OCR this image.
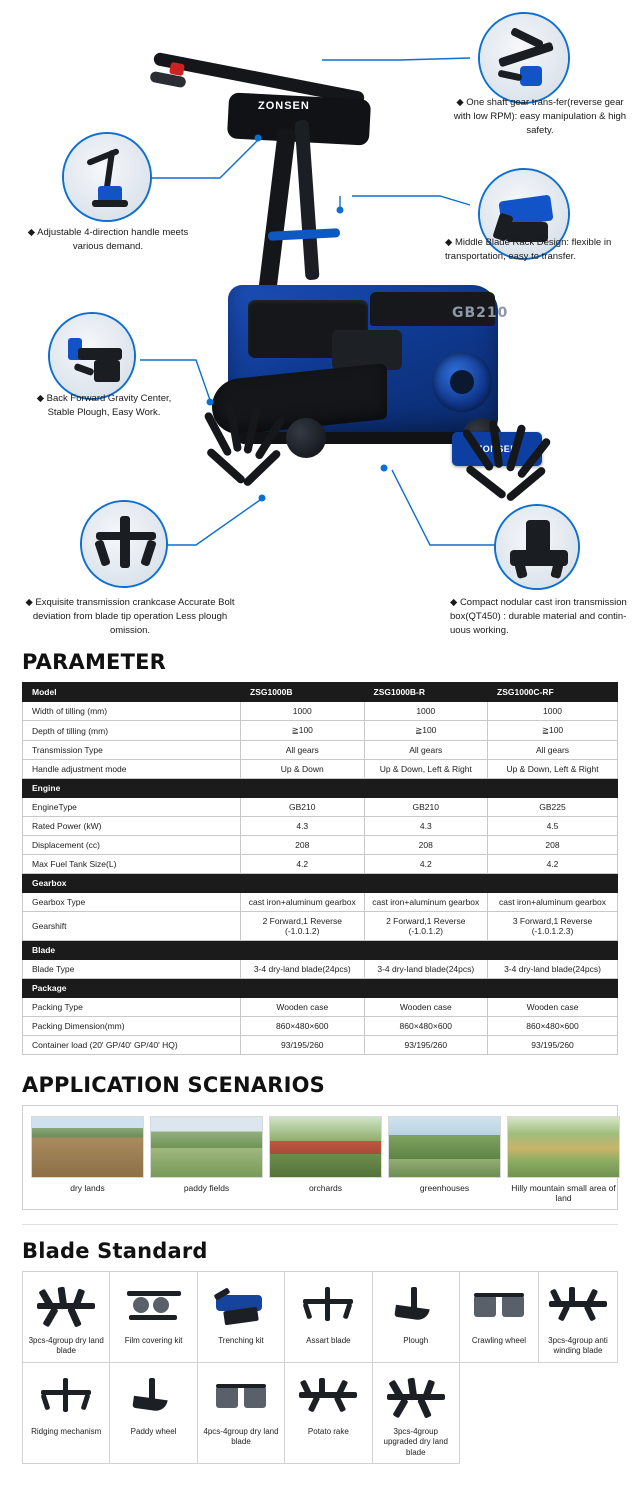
ZONSEN
GB210
◆ One shaft gear trans-fer(reverse gear with low RPM): easy manipulation & high safety.
◆ Middle Blade Rack Design: flexible in transportation, easy to transfer.
◆ Adjustable 4-direction handle meets various demand.
◆ Back Forward Gravity Center, Stable Plough, Easy Work.
◆ Exquisite transmission crankcase Accurate Bolt deviation from blade tip operation Less plough omission.
◆ Compact nodular cast iron transmission box(QT450) : durable material and contin-uous working.
PARAMETER
Model	ZSG1000B	ZSG1000B-R	ZSG1000C-RF
Width of tilling (mm)	1000	1000	1000
Depth of tilling (mm)	≧100	≧100	≧100
Transmission Type	All gears	All gears	All gears
Handle adjustment mode	Up & Down	Up & Down, Left & Right	Up & Down, Left & Right
Engine			
EngineType	GB210	GB210	GB225
Rated Power (kW)	4.3	4.3	4.5
Displacement (cc)	208	208	208
Max Fuel Tank Size(L)	4.2	4.2	4.2
Gearbox			
Gearbox Type	cast iron+aluminum gearbox	cast iron+aluminum gearbox	cast iron+aluminum gearbox
Gearshift	2 Forward,1 Reverse (-1.0.1.2)	2 Forward,1 Reverse (-1.0.1.2)	3 Forward,1 Reverse (-1.0.1.2.3)
Blade			
Blade Type	3-4 dry-land blade(24pcs)	3-4 dry-land blade(24pcs)	3-4 dry-land blade(24pcs)
Package			
Packing Type	Wooden case	Wooden case	Wooden case
Packing Dimension(mm)	860×480×600	860×480×600	860×480×600
Container load (20' GP/40' GP/40' HQ)	93/195/260	93/195/260	93/195/260
APPLICATION SCENARIOS
dry lands	paddy fields	orchards	greenhouses	Hilly mountain small area of land
Blade Standard
3pcs-4group dry land blade	Film covering kit	Trenching kit	Assart blade	Plough	Crawling wheel	3pcs-4group anti winding blade

Ridging mechanism	Paddy wheel	4pcs-4group dry land blade	Potato rake	3pcs-4group upgraded dry land blade		
